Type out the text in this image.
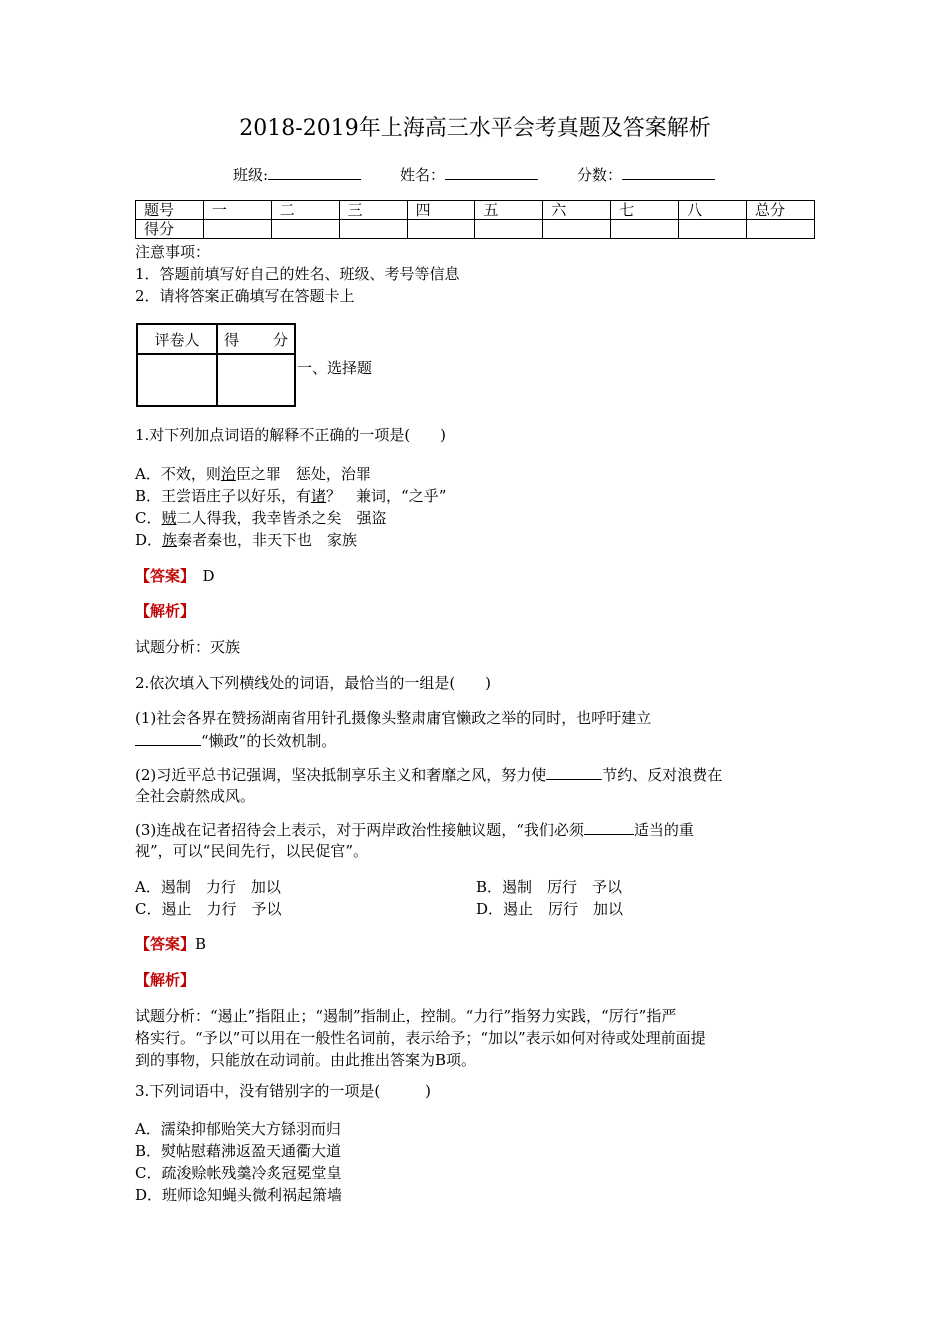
2018-2019年上海高三水平会考真题及答案解析
班级:	姓名：	分数：
题号	一	二	三	四	五	六	七	八	总分
得分									
注意事项：
1．答题前填写好自己的姓名、班级、考号等信息
2．请将答案正确填写在答题卡上
评卷人	得 分

一、选择题
1.对下列加点词语的解释不正确的一项是(　　)
A．不效，则治臣之罪　惩处，治罪
B．王尝语庄子以好乐，有诸？　兼词，“之乎”
C．贼二人得我，我幸皆杀之矣　强盗
D．族秦者秦也，非天下也　家族
【答案】　D
【解析】
试题分析：灭族
2.依次填入下列横线处的词语，最恰当的一组是(　　)
(1)社会各界在赞扬湖南省用针孔摄像头整肃庸官懒政之举的同时，也呼吁建立
“懒政”的长效机制。
(2)习近平总书记强调，坚决抵制享乐主义和奢靡之风，努力使	节约、反对浪费在
全社会蔚然成风。
(3)连战在记者招待会上表示，对于两岸政治性接触议题，“我们必须	适当的重
视”，可以“民间先行，以民促官”。
A．遏制　力行　加以	B．遏制　厉行　予以
C．遏止　力行　予以	D．遏止　厉行　加以
【答案】B
【解析】
试题分析：“遏止”指阻止；“遏制”指制止，控制。“力行”指努力实践，“厉行”指严
格实行。“予以”可以用在一般性名词前，表示给予；“加以”表示如何对待或处理前面提
到的事物，只能放在动词前。由此推出答案为B项。
3.下列词语中，没有错别字的一项是(　　　)
A．濡染抑郁贻笑大方铩羽而归
B．熨帖慰藉沸返盈天通衢大道
C．疏浚赊帐残羹冷炙冠冕堂皇
D．班师谂知蝇头微利祸起箫墙
